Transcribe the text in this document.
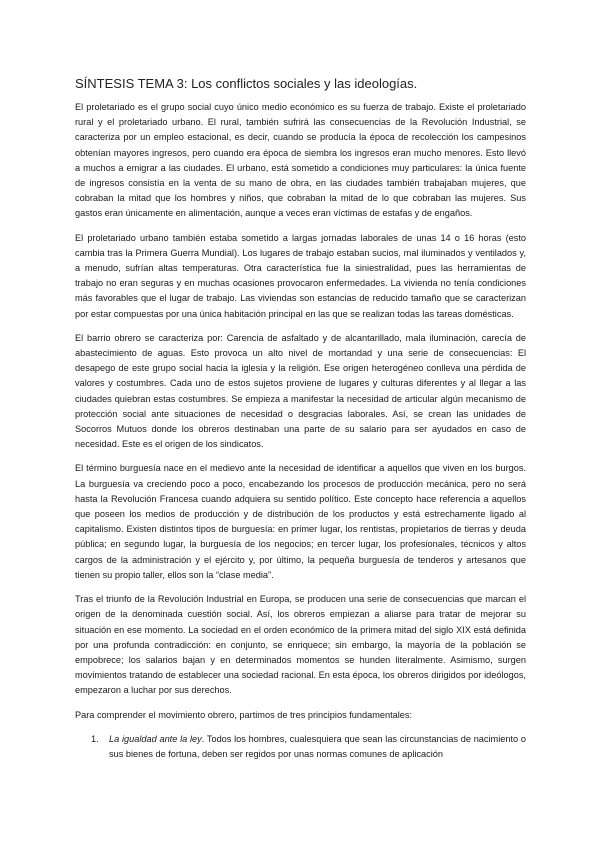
SÍNTESIS TEMA 3: Los conflictos sociales y las ideologías.

El proletariado es el grupo social cuyo único medio económico es su fuerza de trabajo. Existe el proletariado rural y el proletariado urbano. El rural, también sufrirá las consecuencias de la Revolución Industrial, se caracteriza por un empleo estacional, es decir, cuando se producía la época de recolección los campesinos obtenían mayores ingresos, pero cuando era época de siembra los ingresos eran mucho menores. Esto llevó a muchos a emigrar a las ciudades. El urbano, está sometido a condiciones muy particulares: la única fuente de ingresos consistía en la venta de su mano de obra, en las ciudades también trabajaban mujeres, que cobraban la mitad que los hombres y niños, que cobraban la mitad de lo que cobraban las mujeres. Sus gastos eran únicamente en alimentación, aunque a veces eran víctimas de estafas y de engaños.

El proletariado urbano también estaba sometido a largas jornadas laborales de unas 14 o 16 horas (esto cambia tras la Primera Guerra Mundial). Los lugares de trabajo estaban sucios, mal iluminados y ventilados y, a menudo, sufrían altas temperaturas. Otra característica fue la siniestralidad, pues las herramientas de trabajo no eran seguras y en muchas ocasiones provocaron enfermedades. La vivienda no tenía condiciones más favorables que el lugar de trabajo. Las viviendas son estancias de reducido tamaño que se caracterizan por estar compuestas por una única habitación principal en las que se realizan todas las tareas domésticas.

El barrio obrero se caracteriza por: Carencia de asfaltado y de alcantarillado, mala iluminación, carecía de abastecimiento de aguas. Esto provoca un alto nivel de mortandad y una serie de consecuencias: El desapego de este grupo social hacia la iglesia y la religión. Ese origen heterogéneo conlleva una pérdida de valores y costumbres. Cada uno de estos sujetos proviene de lugares y culturas diferentes y al llegar a las ciudades quiebran estas costumbres. Se empieza a manifestar la necesidad de articular algún mecanismo de protección social ante situaciones de necesidad o desgracias laborales. Así, se crean las unidades de Socorros Mutuos donde los obreros destinaban una parte de su salario para ser ayudados en caso de necesidad. Este es el origen de los sindicatos.

El término burguesía nace en el medievo ante la necesidad de identificar a aquellos que viven en los burgos. La burguesía va creciendo poco a poco, encabezando los procesos de producción mecánica, pero no será hasta la Revolución Francesa cuando adquiera su sentido político. Este concepto hace referencia a aquellos que poseen los medios de producción y de distribución de los productos y está estrechamente ligado al capitalismo. Existen distintos tipos de burguesía: en primer lugar, los rentistas, propietarios de tierras y deuda pública; en segundo lugar, la burguesía de los negocios; en tercer lugar, los profesionales, técnicos y altos cargos de la administración y el ejército y, por último, la pequeña burguesía de tenderos y artesanos que tienen su propio taller, ellos son la “clase media”.

Tras el triunfo de la Revolución Industrial en Europa, se producen una serie de consecuencias que marcan el origen de la denominada cuestión social. Así, los obreros empiezan a aliarse para tratar de mejorar su situación en ese momento. La sociedad en el orden económico de la primera mitad del siglo XIX está definida por una profunda contradicción: en conjunto, se enriquece; sin embargo, la mayoría de la población se empobrece; los salarios bajan y en determinados momentos se hunden literalmente. Asimismo, surgen movimientos tratando de establecer una sociedad racional. En esta época, los obreros dirigidos por ideólogos, empezaron a luchar por sus derechos.

Para comprender el movimiento obrero, partimos de tres principios fundamentales:

1. La igualdad ante la ley. Todos los hombres, cualesquiera que sean las circunstancias de nacimiento o sus bienes de fortuna, deben ser regidos por unas normas comunes de aplicación
